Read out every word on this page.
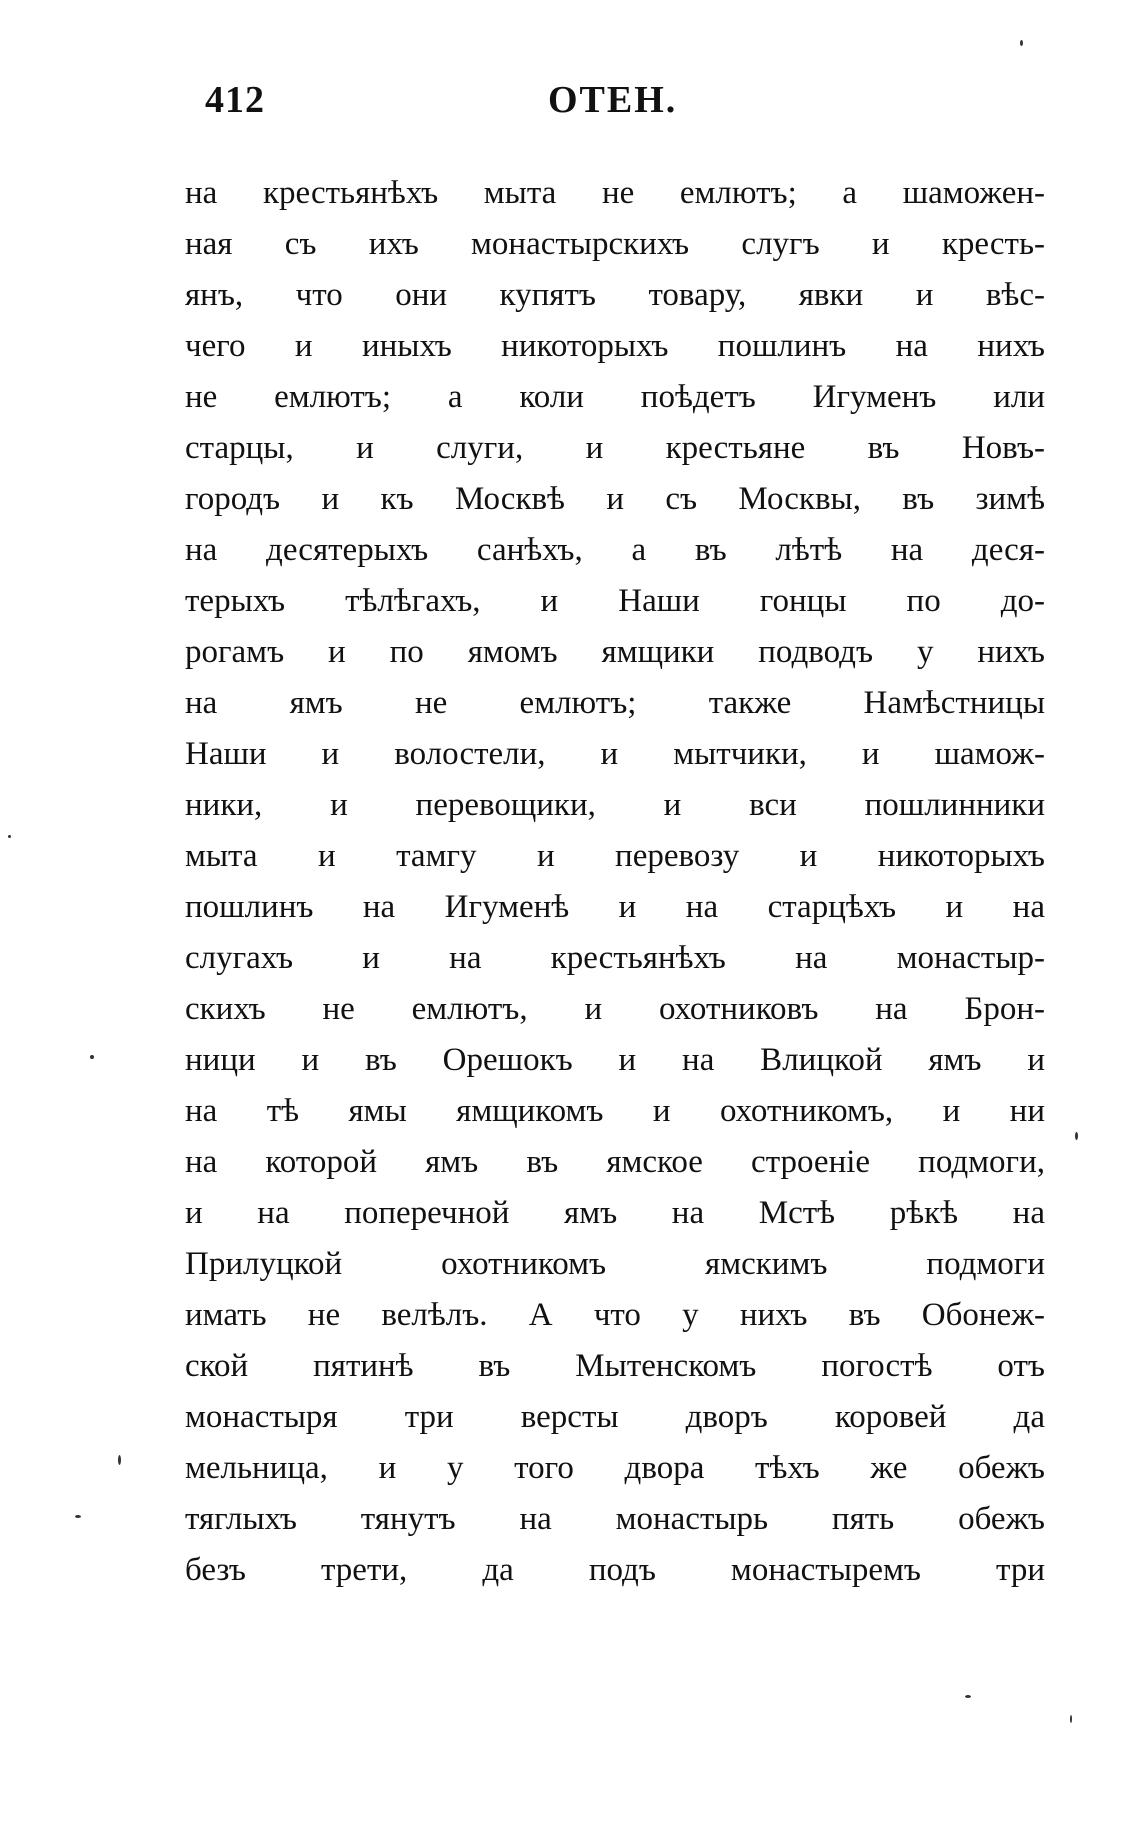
412	ОТЕН.
на крестьянѣхъ мыта не емлютъ; а шаможен-
ная съ ихъ монастырскихъ слугъ и кресть-
янъ, что они купятъ товару, явки и вѣс-
чего и иныхъ никоторыхъ пошлинъ на нихъ
не емлютъ; а коли поѣдетъ Игуменъ или
старцы, и слуги, и крестьяне въ Новъ-
городъ и къ Москвѣ и съ Москвы, въ зимѣ
на десятерыхъ санѣхъ, а въ лѣтѣ на деся-
терыхъ тѣлѣгахъ, и Наши гонцы по до-
рогамъ и по ямомъ ямщики подводъ у нихъ
на ямъ не емлютъ; также Намѣстницы
Наши и волостели, и мытчики, и шамож-
ники, и перевощики, и вси пошлинники
мыта и тамгу и перевозу и никоторыхъ
пошлинъ на Игуменѣ и на старцѣхъ и на
слугахъ и на крестьянѣхъ на монастыр-
скихъ не емлютъ, и охотниковъ на Брон-
ници и въ Орешокъ и на Влицкой ямъ и
на тѣ ямы ямщикомъ и охотникомъ, и ни
на которой ямъ въ ямское строеніе подмоги,
и на поперечной ямъ на Мстѣ рѣкѣ на
Прилуцкой охотникомъ ямскимъ подмоги
имать не велѣлъ. А что у нихъ въ Обонеж-
ской пятинѣ въ Мытенскомъ погостѣ отъ
монастыря три версты дворъ коровей да
мельница, и у того двора тѣхъ же обежъ
тяглыхъ тянутъ на монастырь пять обежъ
безъ трети, да подъ монастыремъ три
